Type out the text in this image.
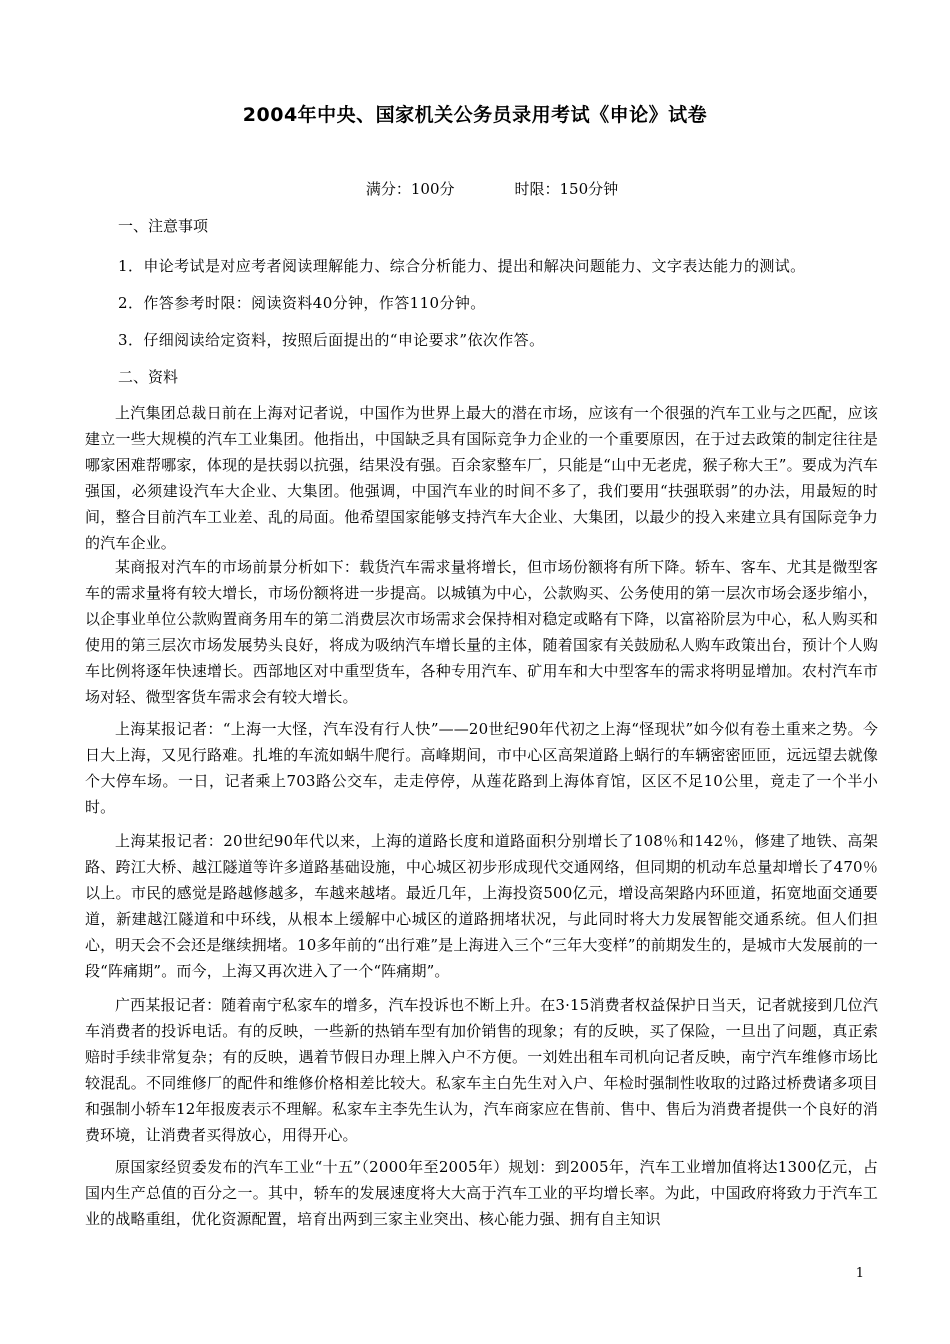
2004年中央、国家机关公务员录用考试《申论》试卷
满分：100分	时限：150分钟
一、注意事项
1．申论考试是对应考者阅读理解能力、综合分析能力、提出和解决问题能力、文字表达能力的测试。
2．作答参考时限：阅读资料40分钟，作答110分钟。
3．仔细阅读给定资料，按照后面提出的“申论要求”依次作答。
二、资料
上汽集团总裁日前在上海对记者说，中国作为世界上最大的潜在市场，应该有一个很强的汽车工业与之匹配，应该建立一些大规模的汽车工业集团。他指出，中国缺乏具有国际竞争力企业的一个重要原因，在于过去政策的制定往往是哪家困难帮哪家，体现的是扶弱以抗强，结果没有强。百余家整车厂，只能是“山中无老虎，猴子称大王”。要成为汽车强国，必须建设汽车大企业、大集团。他强调，中国汽车业的时间不多了，我们要用“扶强联弱”的办法，用最短的时间，整合目前汽车工业差、乱的局面。他希望国家能够支持汽车大企业、大集团，以最少的投入来建立具有国际竞争力的汽车企业。
某商报对汽车的市场前景分析如下：载货汽车需求量将增长，但市场份额将有所下降。轿车、客车、尤其是微型客车的需求量将有较大增长，市场份额将进一步提高。以城镇为中心，公款购买、公务使用的第一层次市场会逐步缩小，以企事业单位公款购置商务用车的第二消费层次市场需求会保持相对稳定或略有下降，以富裕阶层为中心，私人购买和使用的第三层次市场发展势头良好，将成为吸纳汽车增长量的主体，随着国家有关鼓励私人购车政策出台，预计个人购车比例将逐年快速增长。西部地区对中重型货车，各种专用汽车、矿用车和大中型客车的需求将明显增加。农村汽车市场对轻、微型客货车需求会有较大增长。
上海某报记者：“上海一大怪，汽车没有行人快”——20世纪90年代初之上海“怪现状”如今似有卷土重来之势。今日大上海，又见行路难。扎堆的车流如蜗牛爬行。高峰期间，市中心区高架道路上蜗行的车辆密密匝匝，远远望去就像个大停车场。一日，记者乘上703路公交车，走走停停，从莲花路到上海体育馆，区区不足10公里，竟走了一个半小时。
上海某报记者：20世纪90年代以来，上海的道路长度和道路面积分别增长了108％和142％，修建了地铁、高架路、跨江大桥、越江隧道等许多道路基础设施，中心城区初步形成现代交通网络，但同期的机动车总量却增长了470％以上。市民的感觉是路越修越多，车越来越堵。最近几年，上海投资500亿元，增设高架路内环匝道，拓宽地面交通要道，新建越江隧道和中环线，从根本上缓解中心城区的道路拥堵状况，与此同时将大力发展智能交通系统。但人们担心，明天会不会还是继续拥堵。10多年前的“出行难”是上海进入三个“三年大变样”的前期发生的，是城市大发展前的一段“阵痛期”。而今，上海又再次进入了一个“阵痛期”。
广西某报记者：随着南宁私家车的增多，汽车投诉也不断上升。在3·15消费者权益保护日当天，记者就接到几位汽车消费者的投诉电话。有的反映，一些新的热销车型有加价销售的现象；有的反映，买了保险，一旦出了问题，真正索赔时手续非常复杂；有的反映，遇着节假日办理上牌入户不方便。一刘姓出租车司机向记者反映，南宁汽车维修市场比较混乱。不同维修厂的配件和维修价格相差比较大。私家车主白先生对入户、年检时强制性收取的过路过桥费诸多项目和强制小轿车12年报废表示不理解。私家车主李先生认为，汽车商家应在售前、售中、售后为消费者提供一个良好的消费环境，让消费者买得放心，用得开心。
原国家经贸委发布的汽车工业“十五”（2000年至2005年）规划：到2005年，汽车工业增加值将达1300亿元，占国内生产总值的百分之一。其中，轿车的发展速度将大大高于汽车工业的平均增长率。为此，中国政府将致力于汽车工业的战略重组，优化资源配置，培育出两到三家主业突出、核心能力强、拥有自主知识
1
